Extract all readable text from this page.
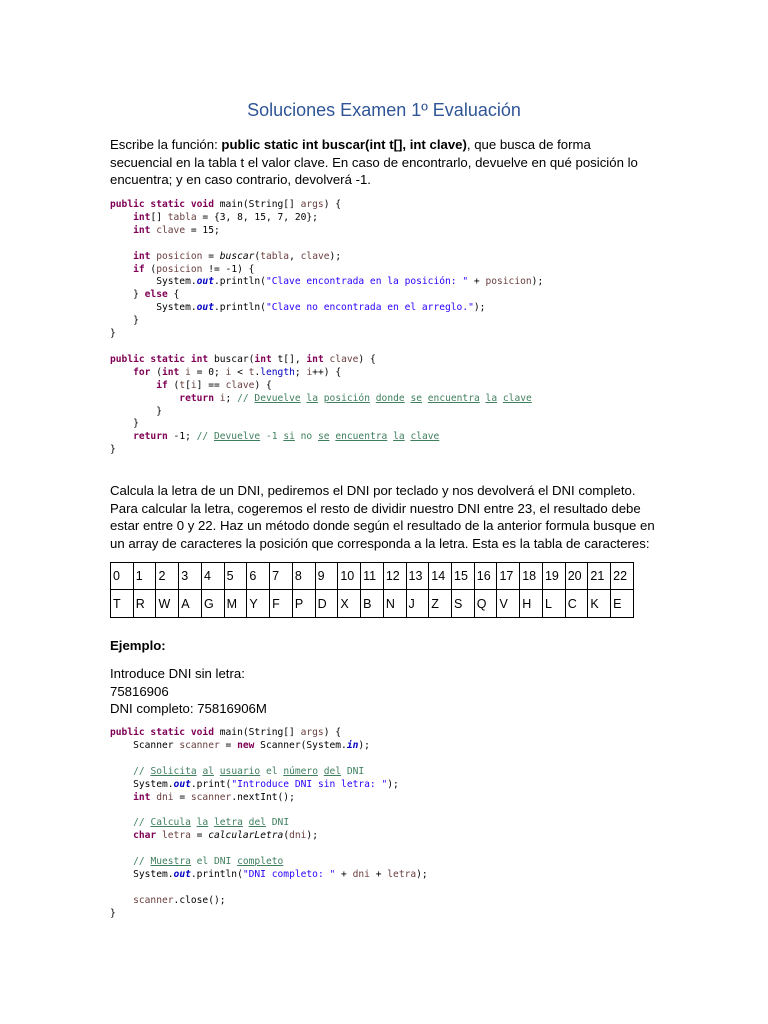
Soluciones Examen 1º Evaluación
Escribe la función: public static int buscar(int t[], int clave), que busca de forma secuencial en la tabla t el valor clave. En caso de encontrarlo, devuelve en qué posición lo encuentra; y en caso contrario, devolverá -1.
public static void main(String[] args) {
int[] tabla = {3, 8, 15, 7, 20};
int clave = 15;

int posicion = buscar(tabla, clave);
if (posicion != -1) {
System.out.println("Clave encontrada en la posición: " + posicion);
} else {
System.out.println("Clave no encontrada en el arreglo.");
}
}

public static int buscar(int t[], int clave) {
for (int i = 0; i < t.length; i++) {
if (t[i] == clave) {
return i; // Devuelve la posición donde se encuentra la clave
}
}
return -1; // Devuelve -1 si no se encuentra la clave
}
Calcula la letra de un DNI, pediremos el DNI por teclado y nos devolverá el DNI completo. Para calcular la letra, cogeremos el resto de dividir nuestro DNI entre 23, el resultado debe estar entre 0 y 22. Haz un método donde según el resultado de la anterior formula busque en un array de caracteres la posición que corresponda a la letra. Esta es la tabla de caracteres:
0	1	2	3	4	5	6	7	8	9	10	11	12	13	14	15	16	17	18	19	20	21	22
T	R	W	A	G	M	Y	F	P	D	X	B	N	J	Z	S	Q	V	H	L	C	K	E
Ejemplo:
Introduce DNI sin letra:
75816906
DNI completo: 75816906M
public static void main(String[] args) {
Scanner scanner = new Scanner(System.in);

// Solicita al usuario el número del DNI
System.out.print("Introduce DNI sin letra: ");
int dni = scanner.nextInt();

// Calcula la letra del DNI
char letra = calcularLetra(dni);

// Muestra el DNI completo
System.out.println("DNI completo: " + dni + letra);

scanner.close();
}
